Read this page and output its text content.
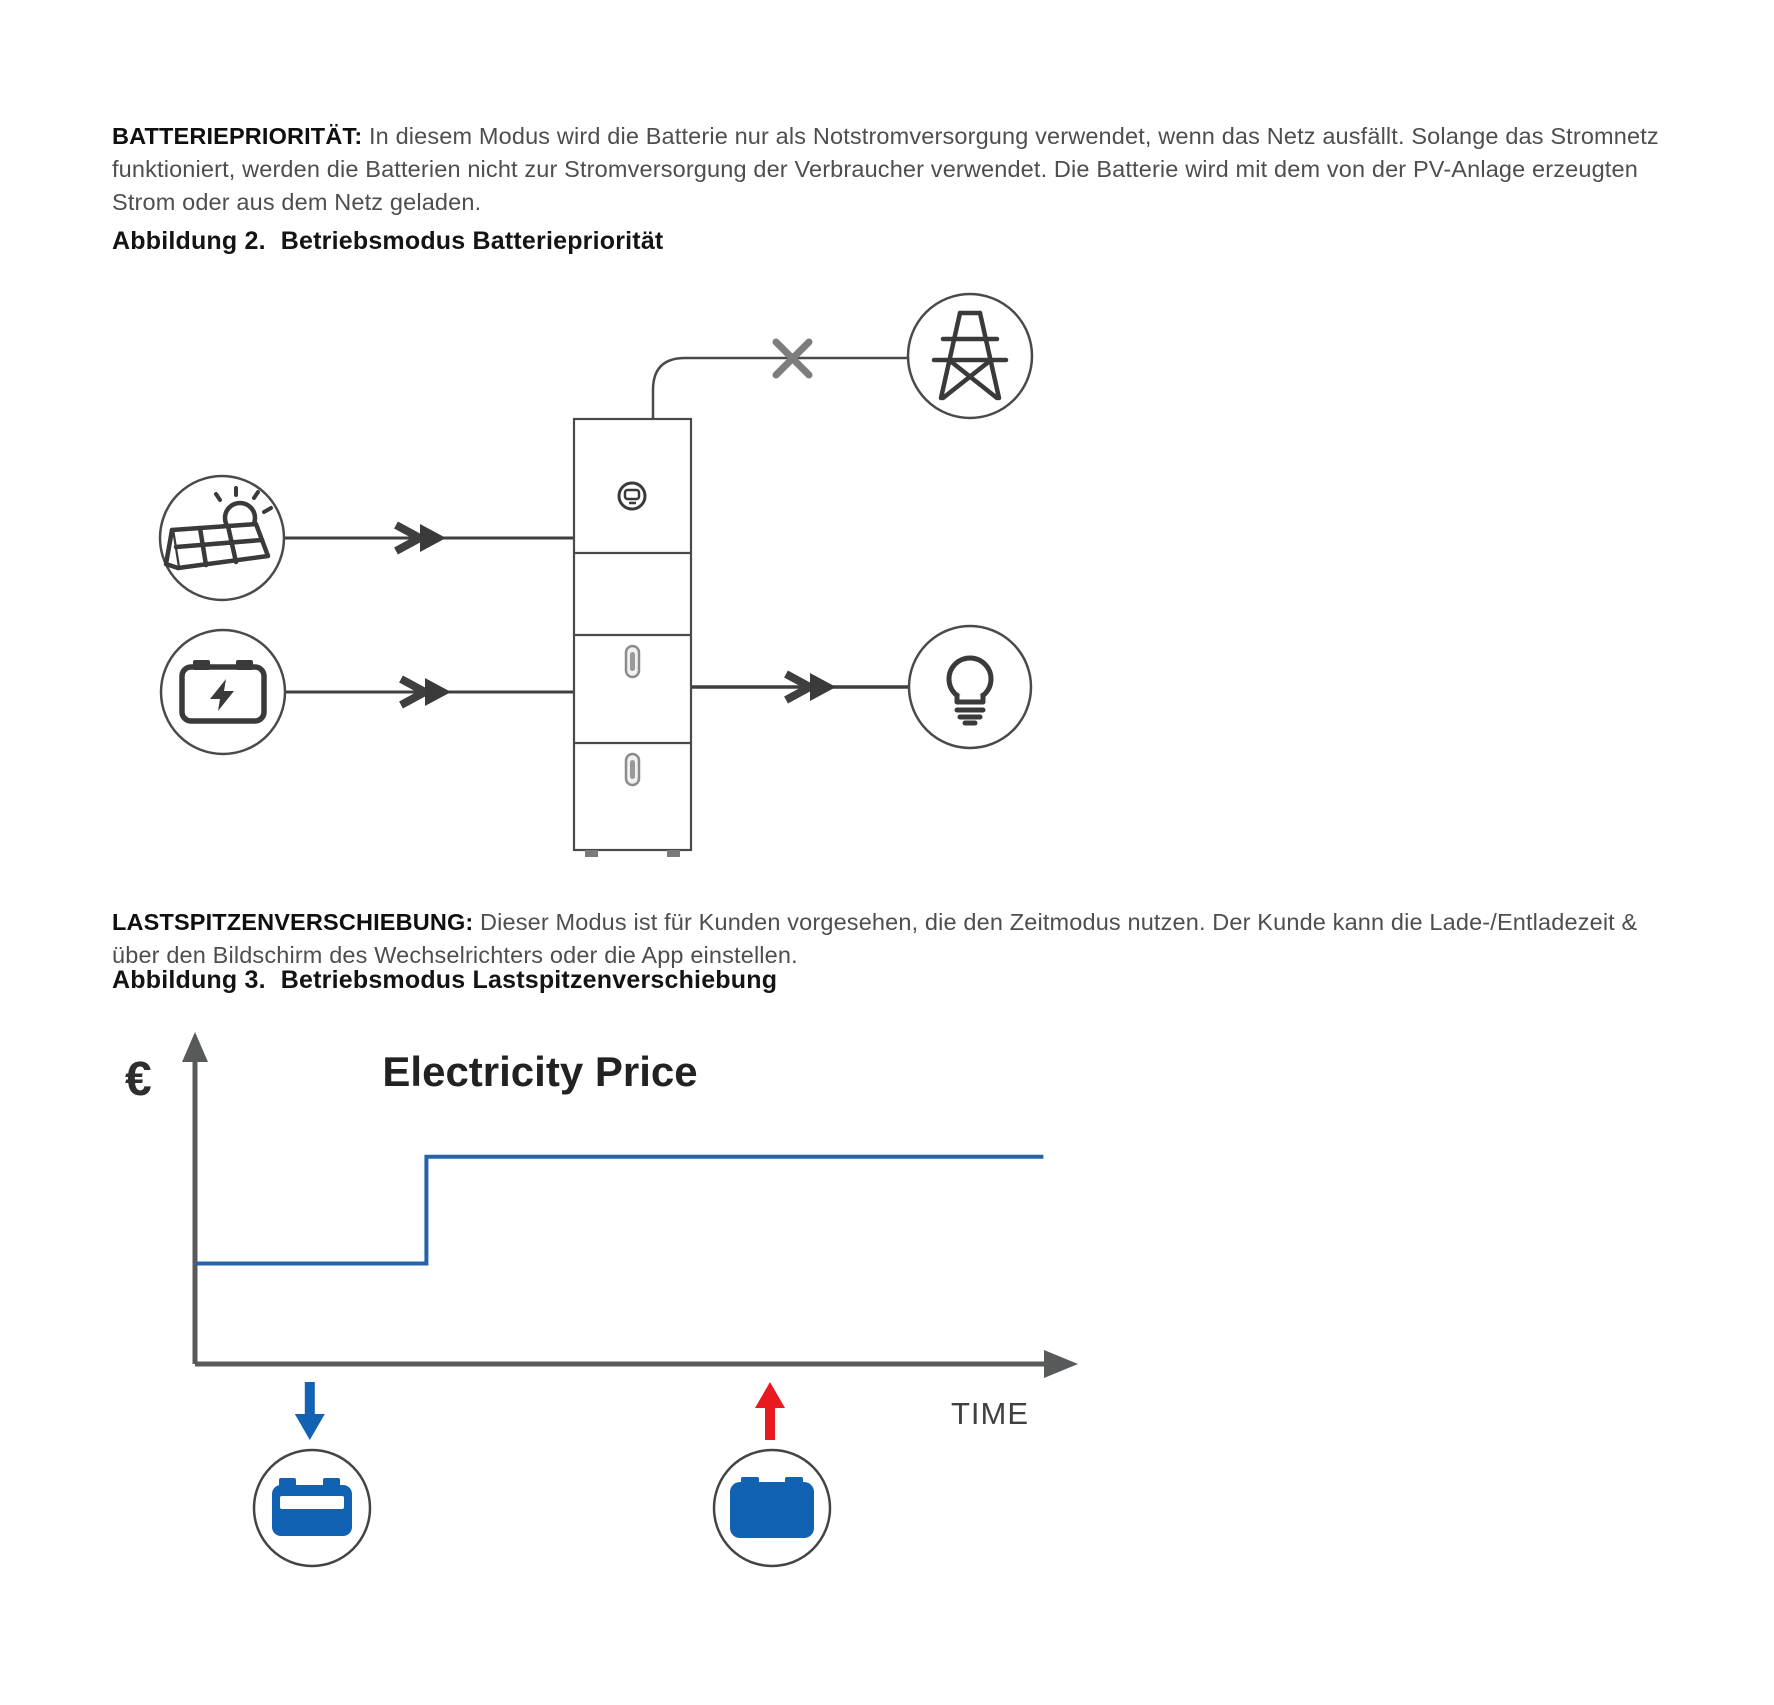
BATTERIEPRIORITÄT: In diesem Modus wird die Batterie nur als Notstromversorgung verwendet, wenn das Netz ausfällt. Solange das Stromnetz funktioniert, werden die Batterien nicht zur Stromversorgung der Verbraucher verwendet. Die Batterie wird mit dem von der PV-Anlage erzeugten Strom oder aus dem Netz geladen.

Abbildung 2. Betriebsmodus Batteriepriorität

LASTSPITZENVERSCHIEBUNG: Dieser Modus ist für Kunden vorgesehen, die den Zeitmodus nutzen. Der Kunde kann die Lade-/Entladezeit & über den Bildschirm des Wechselrichters oder die App einstellen.

Abbildung 3. Betriebsmodus Lastspitzenverschiebung
€	Electricity Price
TIME
